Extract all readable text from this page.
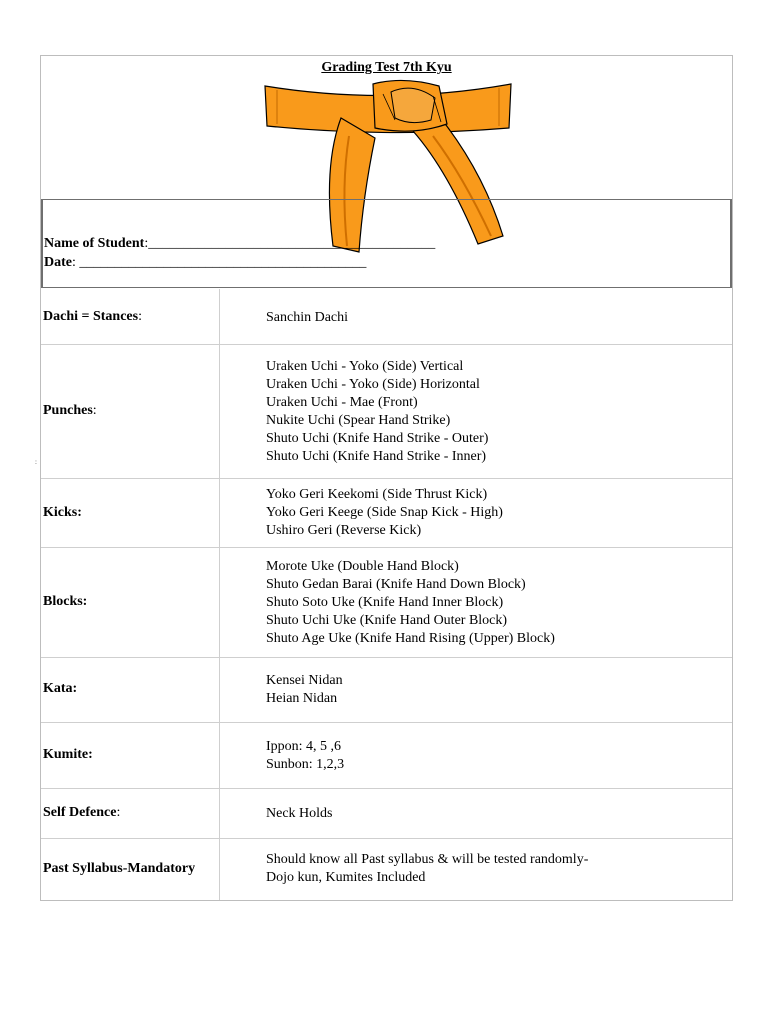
Grading Test 7th Kyu
Name of Student:_________________________________________
Date: _________________________________________
:
Dachi = Stances:	Sanchin Dachi
Punches:
Uraken Uchi - Yoko (Side) Vertical
Uraken Uchi - Yoko (Side) Horizontal
Uraken Uchi - Mae (Front)
Nukite Uchi (Spear Hand Strike)
Shuto Uchi (Knife Hand Strike - Outer)
Shuto Uchi (Knife Hand Strike - Inner)
Kicks:
Yoko Geri Keekomi (Side Thrust Kick)
Yoko Geri Keege (Side Snap Kick - High)
Ushiro Geri (Reverse Kick)
Blocks:
Morote Uke (Double Hand Block)
Shuto Gedan Barai (Knife Hand Down Block)
Shuto Soto Uke (Knife Hand Inner Block)
Shuto Uchi Uke (Knife Hand Outer Block)
Shuto Age Uke (Knife Hand Rising (Upper) Block)
Kata:
Kensei Nidan
Heian Nidan
Kumite:
Ippon: 4, 5 ,6
Sunbon: 1,2,3
Self Defence:	Neck Holds
Past Syllabus-Mandatory
Should know all Past syllabus & will be tested randomly-
Dojo kun, Kumites Included
